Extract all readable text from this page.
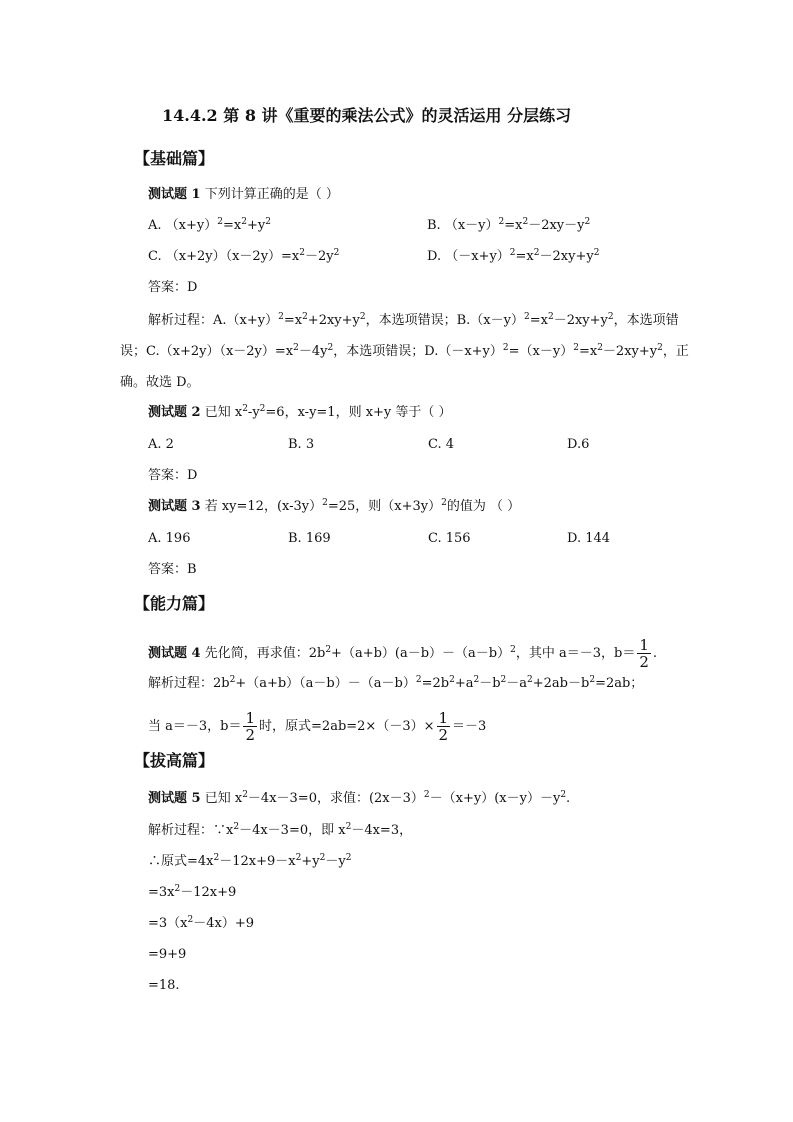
14.4.2 第 8 讲《重要的乘法公式》的灵活运用 分层练习
【基础篇】
测试题 1 下列计算正确的是（ ）
A. $(x+y)^2=x^2+y^2$	B. $(x-y)^2=x^2-2xy-y^2$
C. $(x+2y)(x-2y)=x^2-2y^2$	D. $(-x+y)^2=x^2-2xy+y^2$
答案：D
解析过程：$A.(x+y)^2=x^2+2xy+y^2$，本选项错误；$B.(x-y)^2=x^2-2xy+y^2$，本选项错
误；$C.(x+2y)(x-2y)=x^2-4y^2$，本选项错误；$D.(-x+y)^2=(x-y)^2=x^2-2xy+y^2$，正
确。故选 D。
测试题 2 已知 $x^2-y^2=6$，x-y=1，则 x+y 等于（ ）
A. 2	B. 3	C. 4	D.6
答案：D
测试题 3 若 xy=12，(x-3y）$^2$=25，则$(x+3y)^2$的值为 （ ）
A. 196	B. 169	C. 156	D. 144
答案：B
【能力篇】
测试题 4 先化简，再求值：$2b^2+(a+b)(a-b)-(a-b)^2$，其中 a＝－3，$b= \frac{1}{2}$ .
解析过程：$2b^2+(a+b)(a-b)-(a-b)^2=2b^2+a^2-b^2-a^2+2ab-b^2=2ab$；
当 a＝－3，$b= \frac{1}{2}$ 时，原式$=2ab=2\times(-3)\times \frac{1}{2} =-3$
【拔高篇】
测试题 5 已知 $x^2-4x-3=0$，求值：$(2x-3)^2-(x+y)(x-y)-y^2$.
解析过程：$\because x^2-4x-3=0$，即 $x^2-4x=3$，
∴原式$=4x^2-12x+9-x^2+y^2-y^2$
$=3x^2-12x+9$
$=3(x^2-4x)+9$
=9+9
=18.
